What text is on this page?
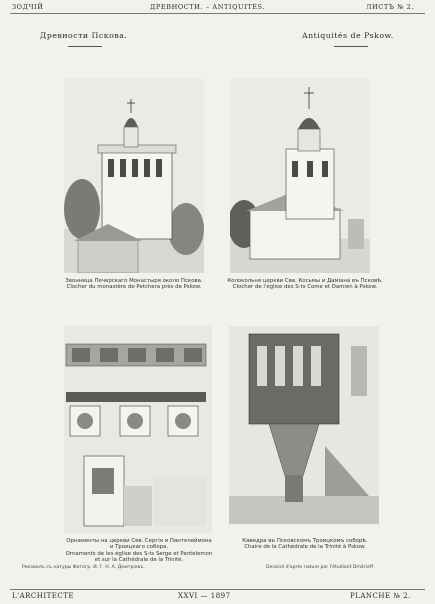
ЗОДЧІЙ	ДРЕВНОСТИ. – ANTIQUITÉS.	ЛИСТЪ № 2.
Древности Пскова.	Antiquités de Pskow.
Звонница Печерскаго Монастыря около Пскова.
Clocher du monastère de Petchera près de Pskow.
Колокольня церкви Свв. Косьмы и Даміана въ Псковѣ.
Clocher de l'église des S-ts Come et Damien à Pskow.
Орнаменты на церкви Свв. Сергія и Пантелеймона
и Троицкаго собора.
Ornaments de les église des S-ts Serge et Pantelemon
et sur la Cathédrale de la Trinité.
Каѳедра въ Псковскомъ Троицкомъ соборѣ.
Chaire de la Cathédrale de la Trinité à Pskow.
Рисовалъ съ натуры Фотогр. И. Г. Н. А. Дмитріевъ.	Dessiné d'après nature par l'étudiant Dmitrieff.
L'ARCHITECTE	XXVI — 1897	PLANCHE № 2.
